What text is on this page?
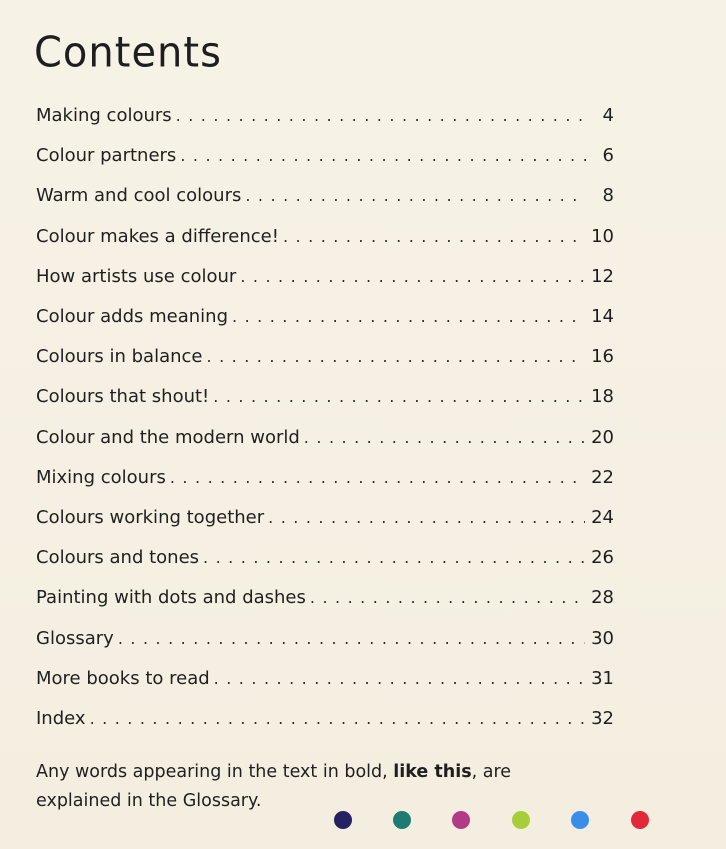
Contents
Making colours . . .	4
Colour partners . . .	6
Warm and cool colours . . .	8
Colour makes a difference! . . .	10
How artists use colour . . .	12
Colour adds meaning . . .	14
Colours in balance . . .	16
Colours that shout! . . .	18
Colour and the modern world . . .	20
Mixing colours . . .	22
Colours working together . . .	24
Colours and tones . . .	26
Painting with dots and dashes . . .	28
Glossary . . .	30
More books to read . . .	31
Index . . .	32
Any words appearing in the text in bold, like this, are explained in the Glossary.
